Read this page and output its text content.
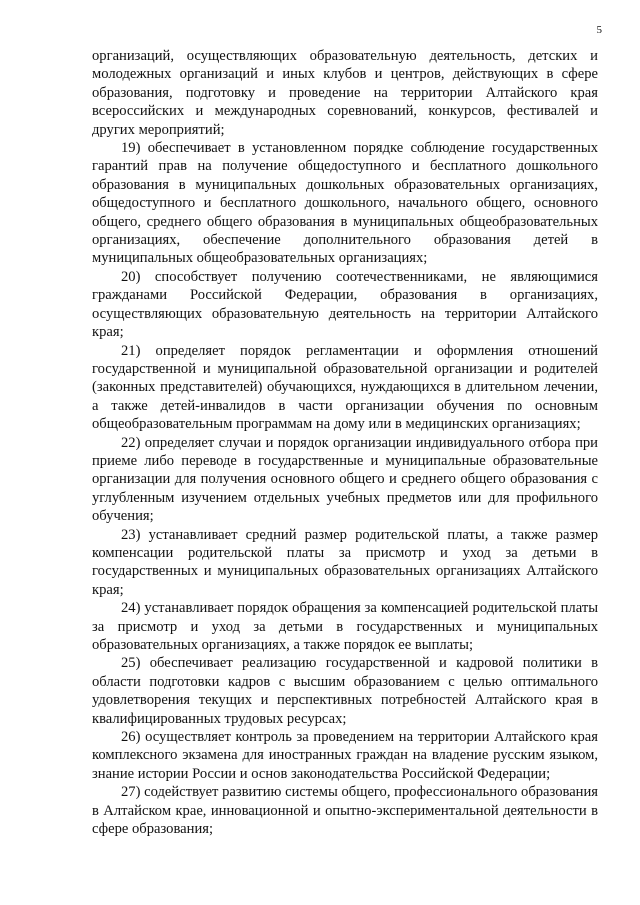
5

организаций, осуществляющих образовательную деятельность, детских и молодежных организаций и иных клубов и центров, действующих в сфере образования, подготовку и проведение на территории Алтайского края всероссийских и международных соревнований, конкурсов, фестивалей и других мероприятий;

19) обеспечивает в установленном порядке соблюдение государственных гарантий прав на получение общедоступного и бесплатного дошкольного образования в муниципальных дошкольных образовательных организациях, общедоступного и бесплатного дошкольного, начального общего, основного общего, среднего общего образования в муниципальных общеобразовательных организациях, обеспечение дополнительного образования детей в муниципальных общеобразовательных организациях;

20) способствует получению соотечественниками, не являющимися гражданами Российской Федерации, образования в организациях, осуществляющих образовательную деятельность на территории Алтайского края;

21) определяет порядок регламентации и оформления отношений государственной и муниципальной образовательной организации и родителей (законных представителей) обучающихся, нуждающихся в длительном лечении, а также детей-инвалидов в части организации обучения по основным общеобразовательным программам на дому или в медицинских организациях;

22) определяет случаи и порядок организации индивидуального отбора при приеме либо переводе в государственные и муниципальные образовательные организации для получения основного общего и среднего общего образования с углубленным изучением отдельных учебных предметов или для профильного обучения;

23) устанавливает средний размер родительской платы, а также размер компенсации родительской платы за присмотр и уход за детьми в государственных и муниципальных образовательных организациях Алтайского края;

24) устанавливает порядок обращения за компенсацией родительской платы за присмотр и уход за детьми в государственных и муниципальных образовательных организациях, а также порядок ее выплаты;

25) обеспечивает реализацию государственной и кадровой политики в области подготовки кадров с высшим образованием с целью оптимального удовлетворения текущих и перспективных потребностей Алтайского края в квалифицированных трудовых ресурсах;

26) осуществляет контроль за проведением на территории Алтайского края комплексного экзамена для иностранных граждан на владение русским языком, знание истории России и основ законодательства Российской Федерации;

27) содействует развитию системы общего, профессионального образования в Алтайском крае, инновационной и опытно-экспериментальной деятельности в сфере образования;
